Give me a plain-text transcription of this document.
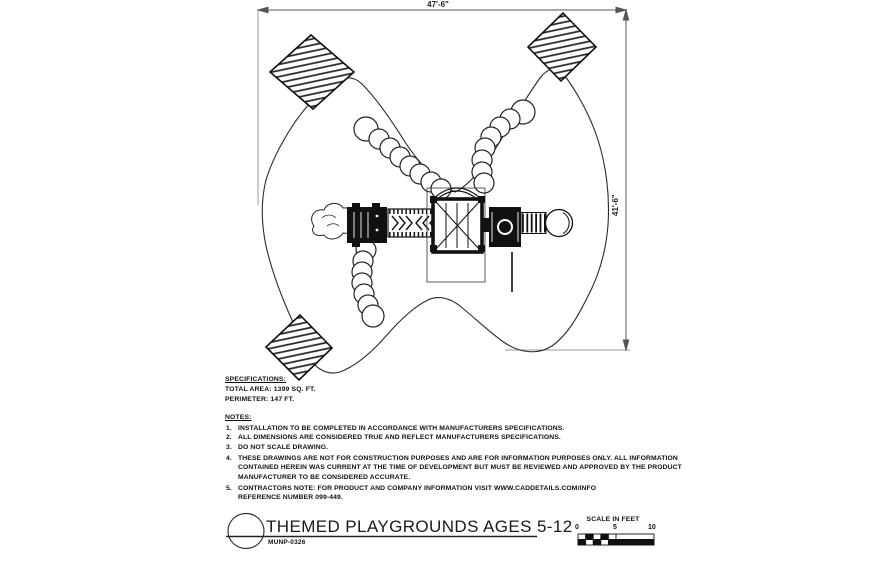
47'-6"
41'-6"
SPECIFICATIONS:
TOTAL AREA: 1399 SQ. FT.
PERIMETER: 147 FT.
NOTES:
1. INSTALLATION TO BE COMPLETED IN ACCORDANCE WITH MANUFACTURERS SPECIFICATIONS.
2. ALL DIMENSIONS ARE CONSIDERED TRUE AND REFLECT MANUFACTURERS SPECIFICATIONS.
3. DO NOT SCALE DRAWING.
4. THESE DRAWINGS ARE NOT FOR CONSTRUCTION PURPOSES AND ARE FOR INFORMATION PURPOSES ONLY. ALL INFORMATION
CONTAINED HEREIN WAS CURRENT AT THE TIME OF DEVELOPMENT BUT MUST BE REVIEWED AND APPROVED BY THE PRODUCT
MANUFACTURER TO BE CONSIDERED ACCURATE.
5. CONTRACTORS NOTE: FOR PRODUCT AND COMPANY INFORMATION VISIT WWW.CADDETAILS.COM/INFO
REFERENCE NUMBER 099-449.
THEMED PLAYGROUNDS AGES 5-12
MUNP-0326
SCALE IN FEET
0	5	10
